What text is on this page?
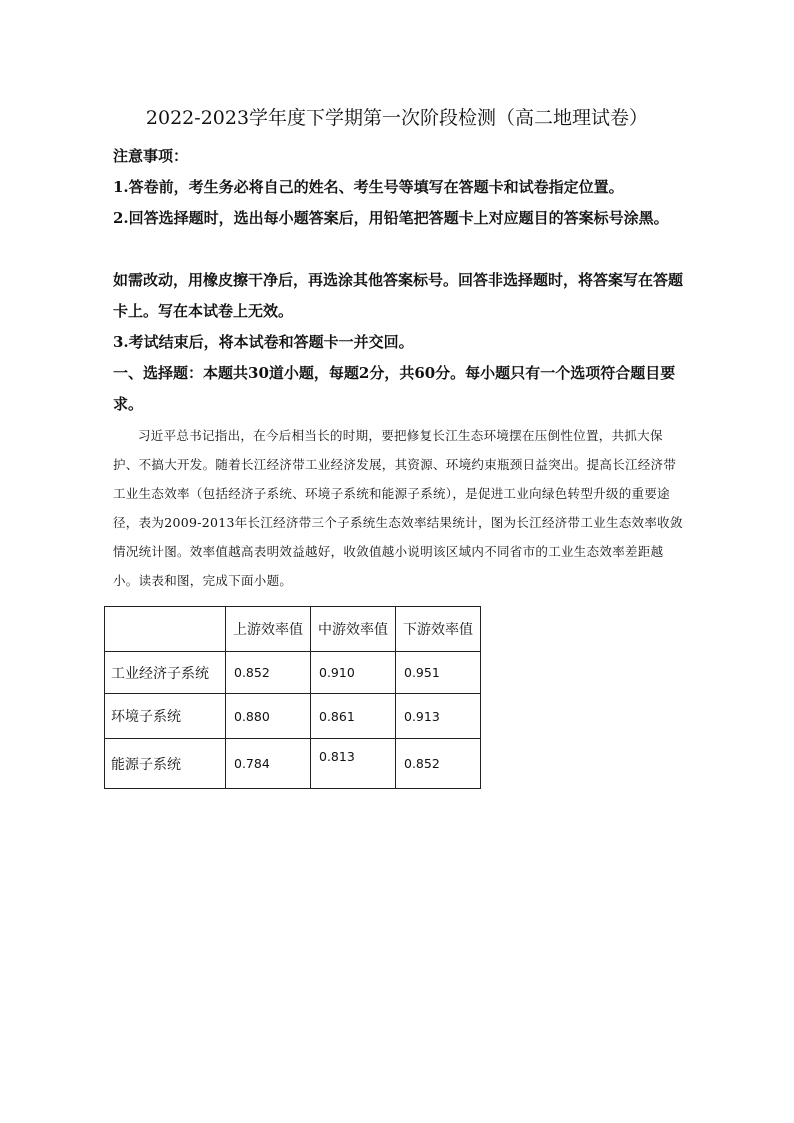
2022-2023学年度下学期第一次阶段检测（高二地理试卷）
注意事项：
1.答卷前，考生务必将自己的姓名、考生号等填写在答题卡和试卷指定位置。
2.回答选择题时，选出每小题答案后，用铅笔把答题卡上对应题目的答案标号涂黑。
如需改动，用橡皮擦干净后，再选涂其他答案标号。回答非选择题时，将答案写在答题卡上。写在本试卷上无效。
3.考试结束后，将本试卷和答题卡一并交回。
一、选择题：本题共30道小题，每题2分，共60分。每小题只有一个选项符合题目要求。
习近平总书记指出，在今后相当长的时期，要把修复长江生态环境摆在压倒性位置，共抓大保护、不搞大开发。随着长江经济带工业经济发展，其资源、环境约束瓶颈日益突出。提高长江经济带工业生态效率（包括经济子系统、环境子系统和能源子系统），是促进工业向绿色转型升级的重要途径，表为2009-2013年长江经济带三个子系统生态效率结果统计，图为长江经济带工业生态效率收敛情况统计图。效率值越高表明效益越好，收敛值越小说明该区域内不同省市的工业生态效率差距越小。读表和图，完成下面小题。
	上游效率值	中游效率值	下游效率值
工业经济子系统	0.852	0.910	0.951
环境子系统	0.880	0.861	0.913
能源子系统	0.784	0.813	0.852
